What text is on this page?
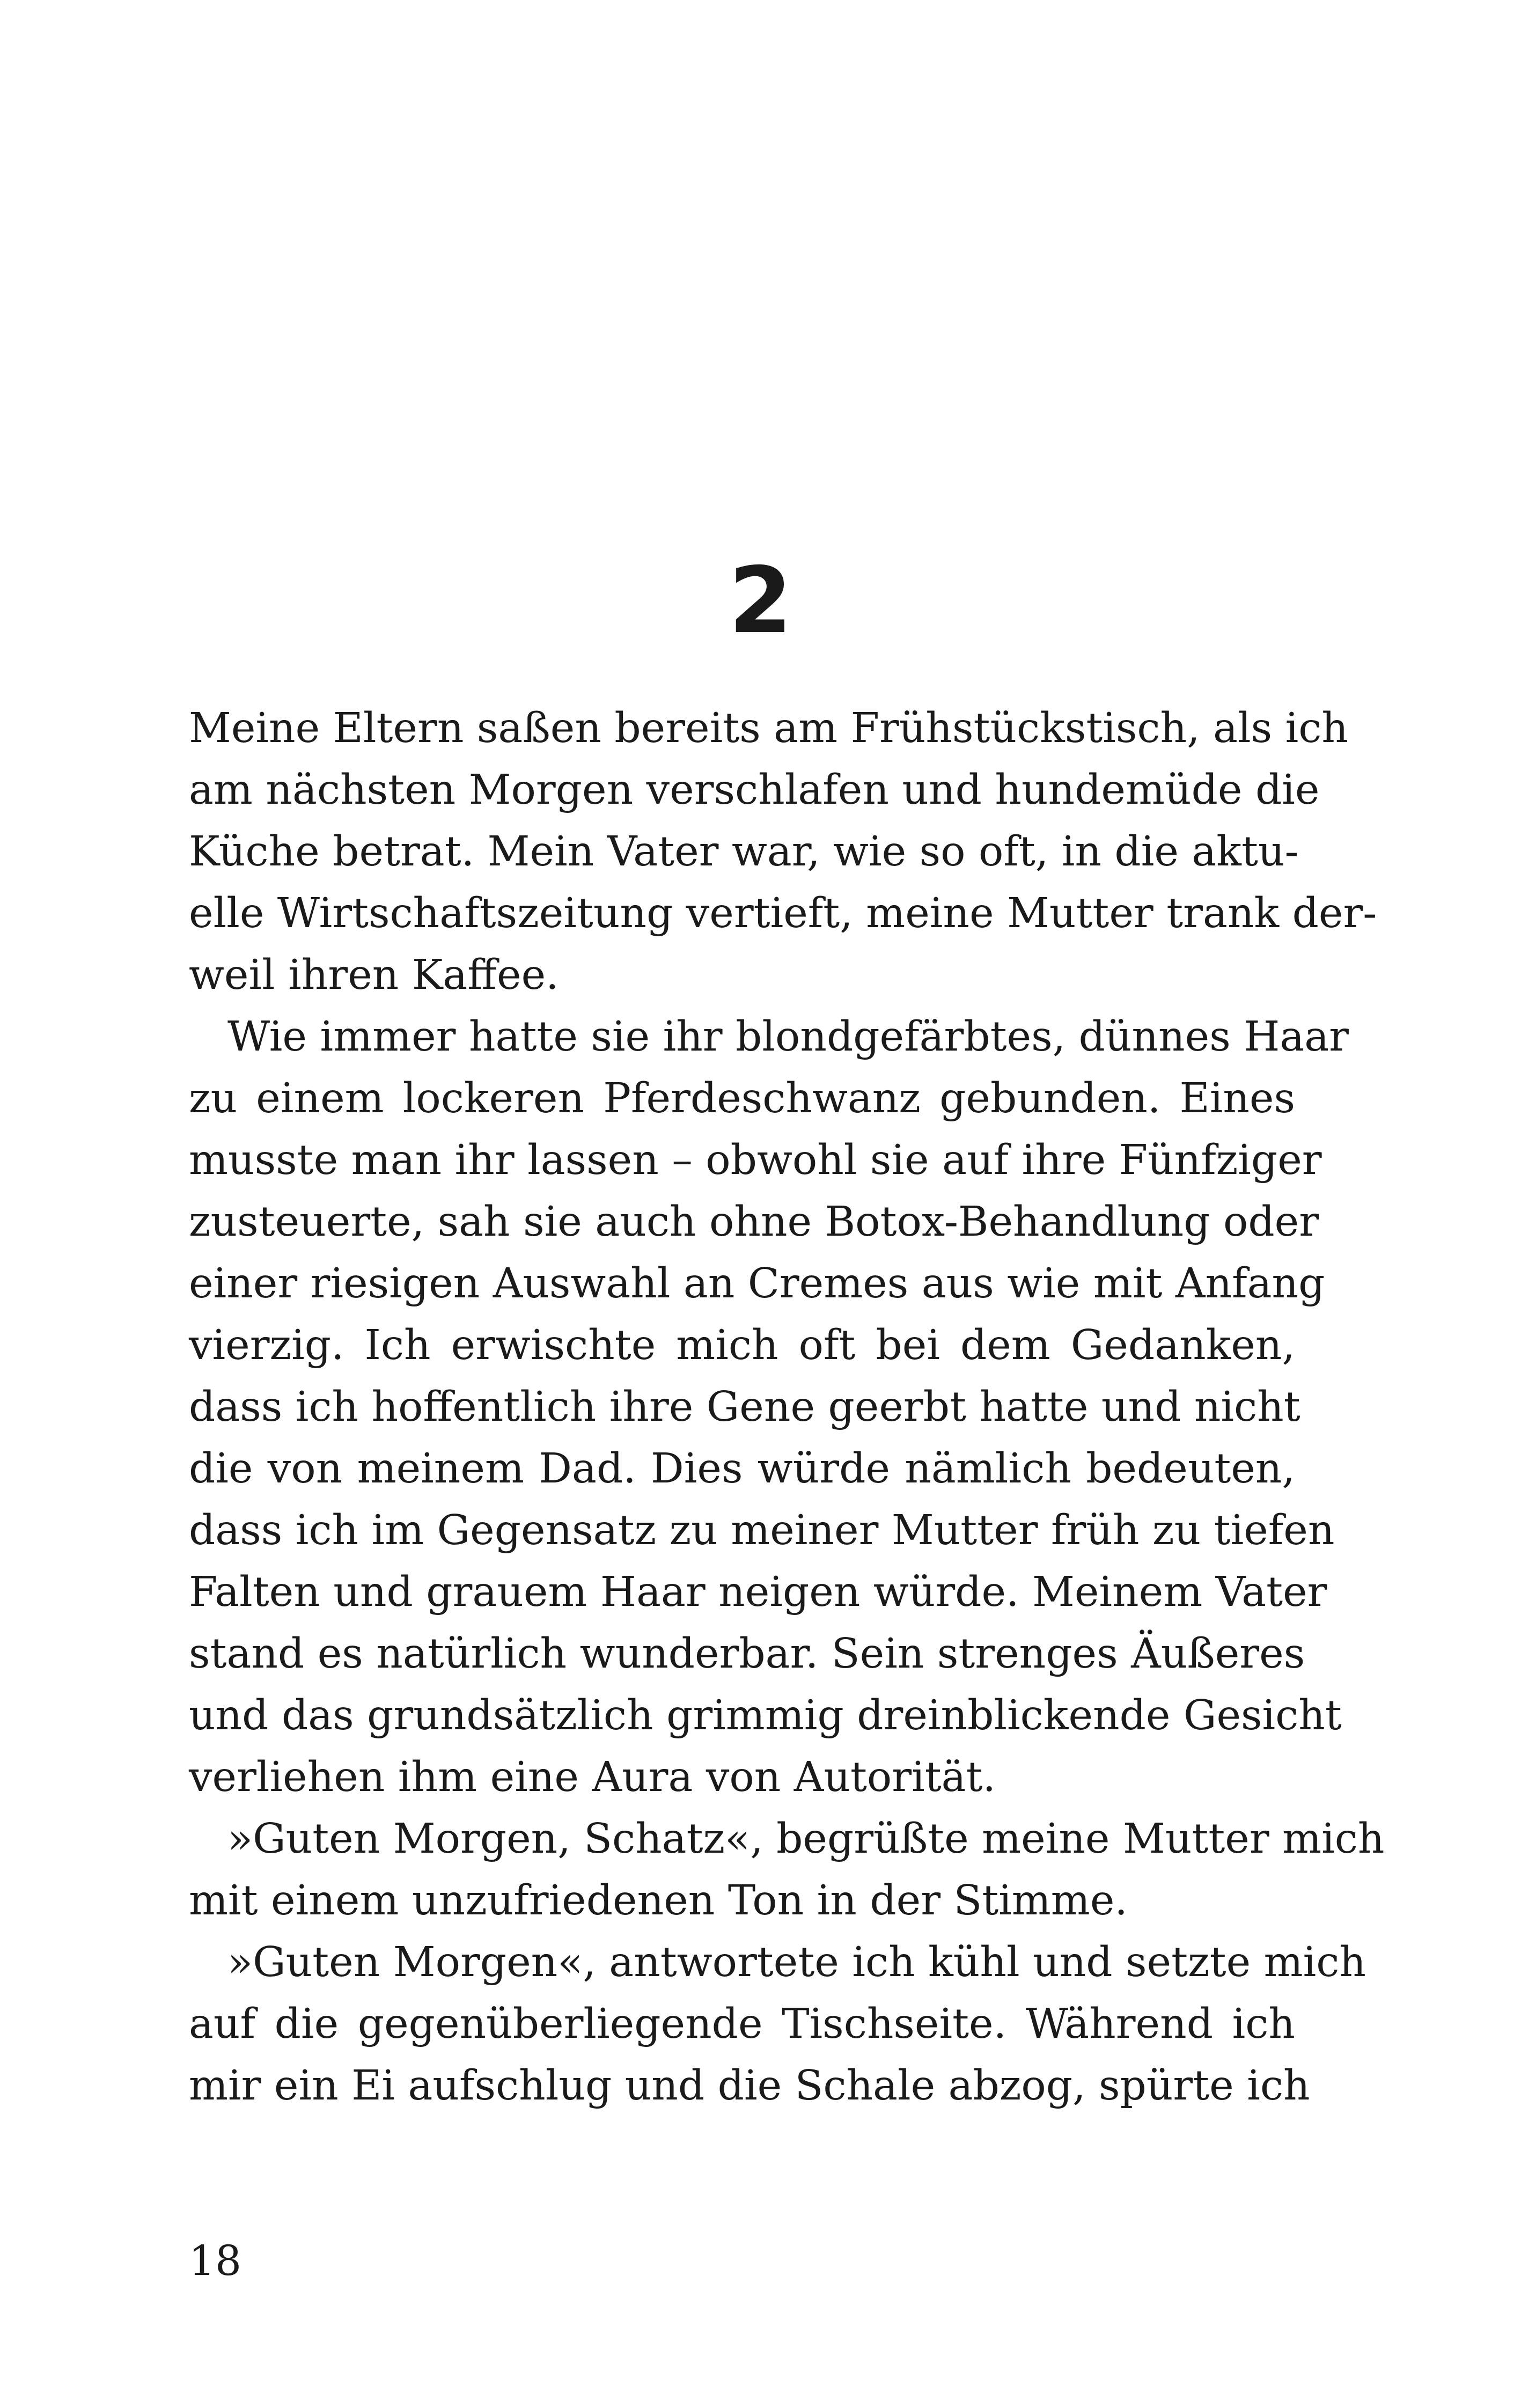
2
Meine Eltern saßen bereits am Frühstückstisch, als ich
am nächsten Morgen verschlafen und hundemüde die
Küche betrat. Mein Vater war, wie so oft, in die aktu-
elle Wirtschaftszeitung vertieft, meine Mutter trank der-
weil ihren Kaffee.
Wie immer hatte sie ihr blondgefärbtes, dünnes Haar
zu einem lockeren Pferdeschwanz gebunden. Eines
musste man ihr lassen – obwohl sie auf ihre Fünfziger
zusteuerte, sah sie auch ohne Botox-Behandlung oder
einer riesigen Auswahl an Cremes aus wie mit Anfang
vierzig. Ich erwischte mich oft bei dem Gedanken,
dass ich hoffentlich ihre Gene geerbt hatte und nicht
die von meinem Dad. Dies würde nämlich bedeuten,
dass ich im Gegensatz zu meiner Mutter früh zu tiefen
Falten und grauem Haar neigen würde. Meinem Vater
stand es natürlich wunderbar. Sein strenges Äußeres
und das grundsätzlich grimmig dreinblickende Gesicht
verliehen ihm eine Aura von Autorität.
»Guten Morgen, Schatz«, begrüßte meine Mutter mich
mit einem unzufriedenen Ton in der Stimme.
»Guten Morgen«, antwortete ich kühl und setzte mich
auf die gegenüberliegende Tischseite. Während ich
mir ein Ei aufschlug und die Schale abzog, spürte ich
18
